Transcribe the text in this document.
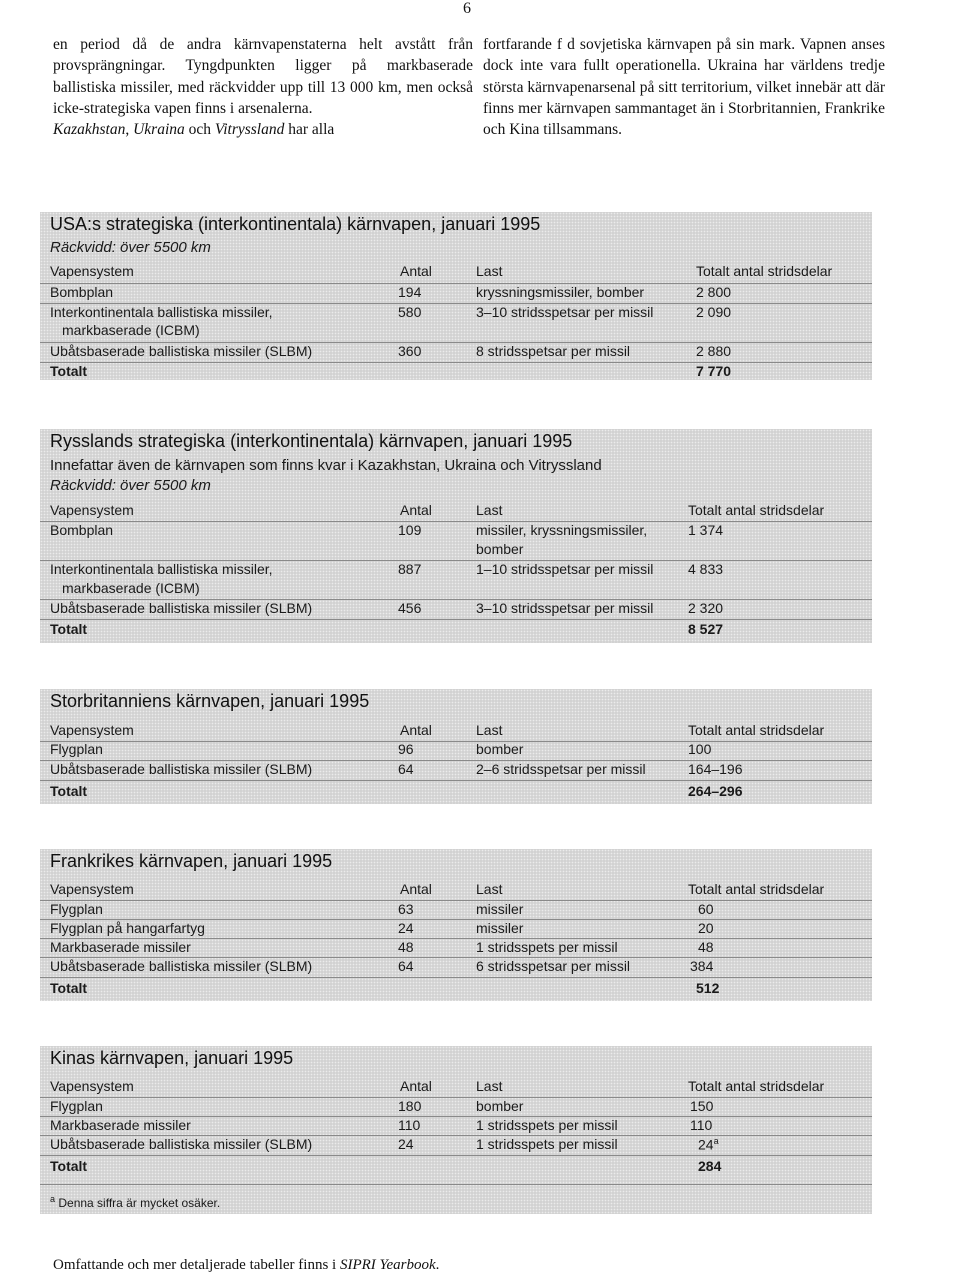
6

en period då de andra kärnvapenstaterna helt avstått från provsprängningar. Tyngdpunkten ligger på markbaserade ballistiska missiler, med räckvidder upp till 13 000 km, men också icke-strategiska vapen finns i arsenalerna.
Kazakhstan, Ukraina och Vitryssland har alla

fortfarande f d sovjetiska kärnvapen på sin mark. Vapnen anses dock inte vara fullt operationella. Ukraina har världens tredje största kärnvapenarsenal på sitt territorium, vilket innebär att där finns mer kärnvapen sammantaget än i Storbritannien, Frankrike och Kina tillsammans.

USA:s strategiska (interkontinentala) kärnvapen, januari 1995
Räckvidd: över 5500 km
Vapensystem	Antal	Last	Totalt antal stridsdelar
Bombplan	194	kryssningsmissiler, bomber	2 800
Interkontinentala ballistiska missiler,	580	3–10 stridsspetsar per missil	2 090
markbaserade (ICBM)
Ubåtsbaserade ballistiska missiler (SLBM)	360	8 stridsspetsar per missil	2 880
Totalt	7 770
Rysslands strategiska (interkontinentala) kärnvapen, januari 1995
Innefattar även de kärnvapen som finns kvar i Kazakhstan, Ukraina och Vitryssland
Räckvidd: över 5500 km
Vapensystem	Antal	Last	Totalt antal stridsdelar
Bombplan	109	missiler, kryssningsmissiler,	1 374
bomber
Interkontinentala ballistiska missiler,	887	1–10 stridsspetsar per missil 4 833
markbaserade (ICBM)
Ubåtsbaserade ballistiska missiler (SLBM)	456	3–10 stridsspetsar per missil 2 320
Totalt	8 527
Storbritanniens kärnvapen, januari 1995
Vapensystem	Antal	Last	Totalt antal stridsdelar
Flygplan	96	bomber	100
Ubåtsbaserade ballistiska missiler (SLBM)	64	2–6 stridsspetsar per missil	164–196
Totalt	264–296
Frankrikes kärnvapen, januari 1995
Vapensystem	Antal	Last	Totalt antal stridsdelar
Flygplan	63	missiler	60
Flygplan på hangarfartyg	24	missiler	20
Markbaserade missiler	48	1 stridsspets per missil	48
Ubåtsbaserade ballistiska missiler (SLBM)	64	6 stridsspetsar per missil	384
Totalt	512
Kinas kärnvapen, januari 1995
Vapensystem	Antal	Last	Totalt antal stridsdelar
Flygplan	180	bomber	150
Markbaserade missiler	110	1 stridsspets per missil	110
Ubåtsbaserade ballistiska missiler (SLBM)	24	1 stridsspets per missil	24$^a$
Totalt	284
$^a$ Denna siffra är mycket osäker.
Omfattande och mer detaljerade tabeller finns i SIPRI Yearbook.
